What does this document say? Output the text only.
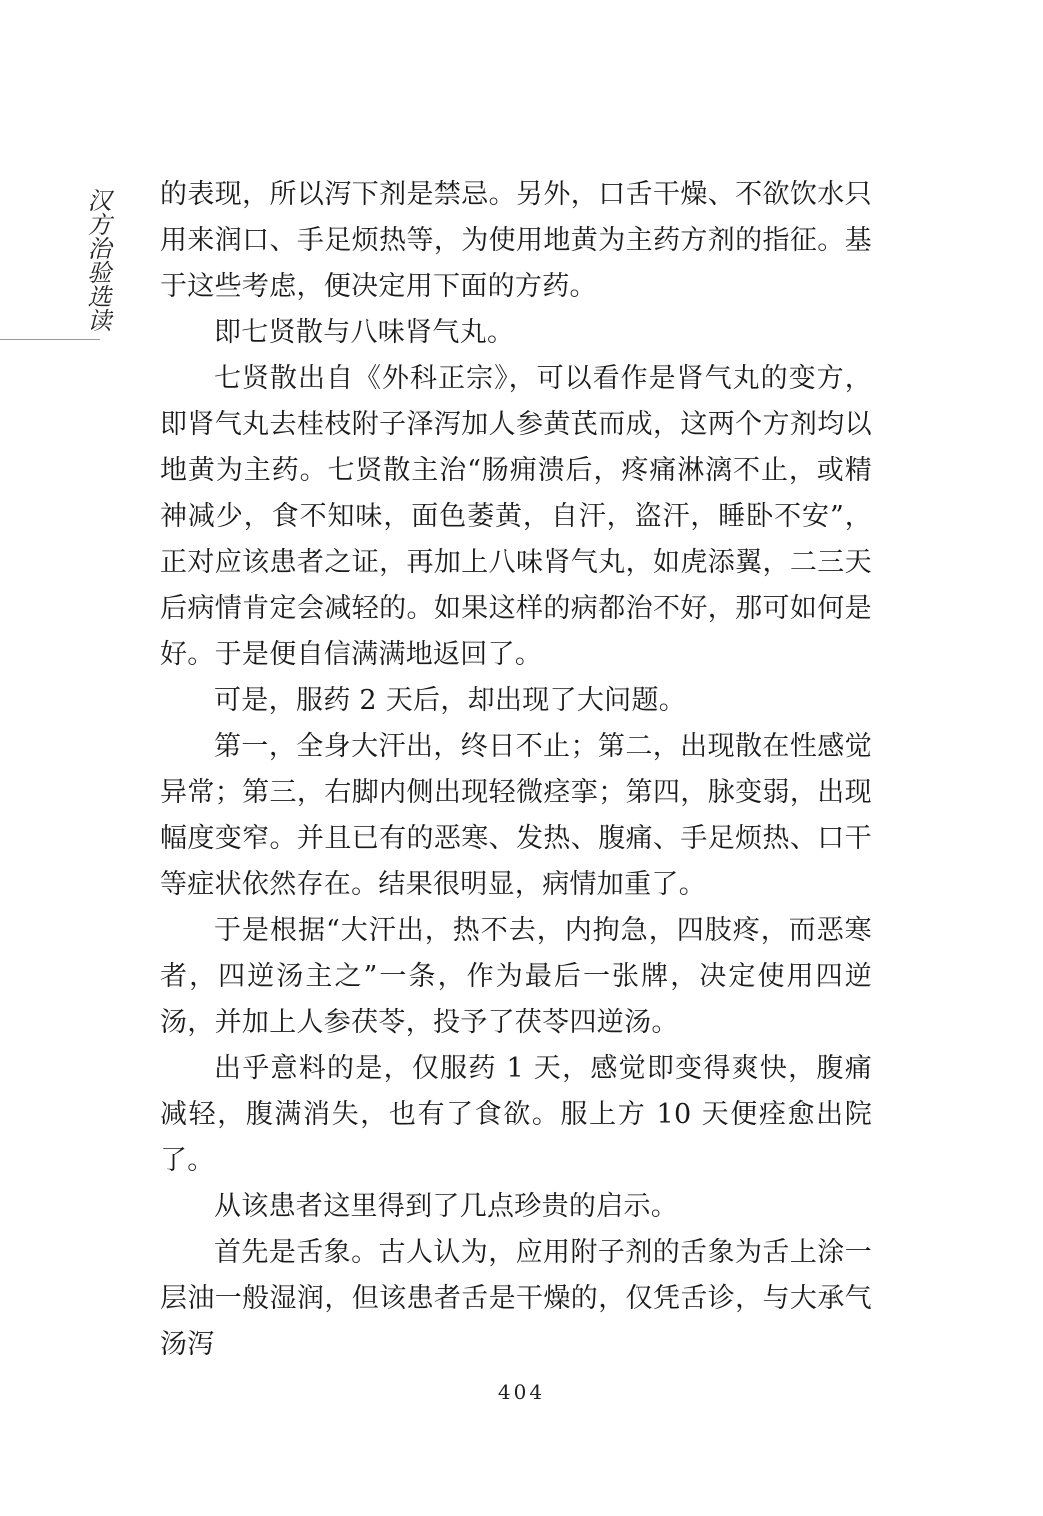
汉方治验选读 的表现，所以泻下剂是禁忌。另外，口舌干燥、不欲饮水只用来润口、手足烦热等，为使用地黄为主药方剂的指征。基于这些考虑，便决定用下面的方药。

即七贤散与八味肾气丸。

七贤散出自《外科正宗》，可以看作是肾气丸的变方，即肾气丸去桂枝附子泽泻加人参黄芪而成，这两个方剂均以地黄为主药。七贤散主治“肠痈溃后，疼痛淋漓不止，或精神减少，食不知味，面色萎黄，自汗，盗汗，睡卧不安”，正对应该患者之证，再加上八味肾气丸，如虎添翼，二三天后病情肯定会减轻的。如果这样的病都治不好，那可如何是好。于是便自信满满地返回了。

可是，服药 2 天后，却出现了大问题。

第一，全身大汗出，终日不止；第二，出现散在性感觉异常；第三，右脚内侧出现轻微痉挛；第四，脉变弱，出现幅度变窄。并且已有的恶寒、发热、腹痛、手足烦热、口干等症状依然存在。结果很明显，病情加重了。

于是根据“大汗出，热不去，内拘急，四肢疼，而恶寒者，四逆汤主之”一条，作为最后一张牌，决定使用四逆汤，并加上人参茯苓，投予了茯苓四逆汤。

出乎意料的是，仅服药 1 天，感觉即变得爽快，腹痛减轻，腹满消失，也有了食欲。服上方 10 天便痊愈出院了。

从该患者这里得到了几点珍贵的启示。

首先是舌象。古人认为，应用附子剂的舌象为舌上涂一层油一般湿润，但该患者舌是干燥的，仅凭舌诊，与大承气汤泻

404
